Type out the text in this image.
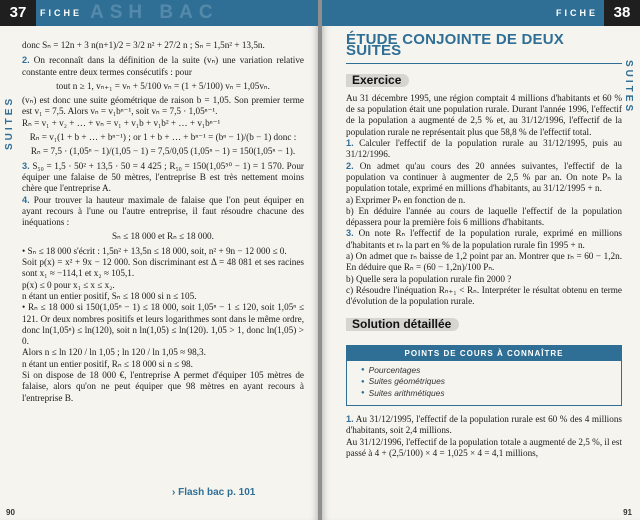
37	FICHE ASH BAC
SUITES

donc Sₙ = 12n + 3 n(n+1)/2 = 3/2 n² + 27/2 n ; Sₙ = 1,5n² + 13,5n.

2. On reconnaît dans la définition de la suite (vₙ) une variation relative constante entre deux termes consécutifs : pour

tout n ≥ 1, vₙ₊₁ = vₙ + 5/100 vₙ = (1 + 5/100) vₙ = 1,05vₙ.

(vₙ) est donc une suite géométrique de raison b = 1,05. Son premier terme est v₁ = 7,5. Alors vₙ = v₁bⁿ⁻¹, soit vₙ = 7,5 · 1,05ⁿ⁻¹.

Rₙ = v₁ + v₂ + … + vₙ = v₁ + v₁b + v₁b² + … + v₁bⁿ⁻¹

Rₙ = v₁(1 + b + … + bⁿ⁻¹) ; or 1 + b + … + bⁿ⁻¹ = (bⁿ − 1)/(b − 1) donc :

Rₙ = 7,5 · (1,05ⁿ − 1)/(1,05 − 1) = 7,5/0,05 (1,05ⁿ − 1) = 150(1,05ⁿ − 1).

3. S₅₀ = 1,5 · 50² + 13,5 · 50 = 4 425 ; R₅₀ = 150(1,05⁵⁰ − 1) = 1 570. Pour équiper une falaise de 50 mètres, l'entreprise B est très nettement moins chère que l'entreprise A.

4. Pour trouver la hauteur maximale de falaise que l'on peut équiper en ayant recours à l'une ou l'autre entreprise, il faut résoudre chacune des inéquations :

Sₙ ≤ 18 000 et Rₙ ≤ 18 000.

• Sₙ ≤ 18 000 s'écrit : 1,5n² + 13,5n ≤ 18 000, soit, n² + 9n − 12 000 ≤ 0.

Soit p(x) = x² + 9x − 12 000. Son discriminant est Δ = 48 081 et ses racines sont x₁ ≈ −114,1 et x₂ ≈ 105,1.

p(x) ≤ 0 pour x₁ ≤ x ≤ x₂.

n étant un entier positif, Sₙ ≤ 18 000 si n ≤ 105.

• Rₙ ≤ 18 000 si 150(1,05ⁿ − 1) ≤ 18 000, soit 1,05ⁿ − 1 ≤ 120, soit 1,05ⁿ ≤ 121. Or deux nombres positifs et leurs logarithmes sont dans le même ordre, donc ln(1,05ⁿ) ≤ ln(120), soit n ln(1,05) ≤ ln(120). 1,05 > 1, donc ln(1,05) > 0.

Alors n ≤ ln 120 / ln 1,05 ; ln 120 / ln 1,05 ≈ 98,3.

n étant un entier positif, Rₙ ≤ 18 000 si n ≤ 98.

Si on dispose de 18 000 €, l'entreprise A permet d'équiper 105 mètres de falaise, alors qu'on ne peut équiper que 98 mètres en ayant recours à l'entreprise B.

› Flash bac p. 101
90
FICHE	38
SUITES
ÉTUDE CONJOINTE DE DEUX SUITES
Exercice

Au 31 décembre 1995, une région comptait 4 millions d'habitants et 60 % de sa population était une population rurale. Durant l'année 1996, l'effectif de la population a augmenté de 2,5 % et, au 31/12/1996, l'effectif de la population rurale ne représentait plus que 58,8 % de l'effectif total.

1. Calculer l'effectif de la population rurale au 31/12/1995, puis au 31/12/1996.

2. On admet qu'au cours des 20 années suivantes, l'effectif de la population va continuer à augmenter de 2,5 % par an. On note Pₙ la population totale, exprimé en millions d'habitants, au 31/12/1995 + n.

a) Exprimer Pₙ en fonction de n.

b) En déduire l'année au cours de laquelle l'effectif de la population dépassera pour la première fois 6 millions d'habitants.

3. On note Rₙ l'effectif de la population rurale, exprimé en millions d'habitants et rₙ la part en % de la population rurale fin 1995 + n.

a) On admet que rₙ baisse de 1,2 point par an. Montrer que rₙ = 60 − 1,2n. En déduire que Rₙ = (60 − 1,2n)/100 Pₙ.

b) Quelle sera la population rurale fin 2000 ?

c) Résoudre l'inéquation Rₙ₊₁ < Rₙ. Interpréter le résultat obtenu en terme d'évolution de la population rurale.

Solution détaillée
POINTS DE COURS À CONNAÎTRE
● Pourcentages
● Suites géométriques
● Suites arithmétiques

1. Au 31/12/1995, l'effectif de la population rurale est 60 % des 4 millions d'habitants, soit 2,4 millions.

Au 31/12/1996, l'effectif de la population totale a augmenté de 2,5 %, il est passé à 4 + (2,5/100) × 4 = 1,025 × 4 = 4,1 millions,

91
